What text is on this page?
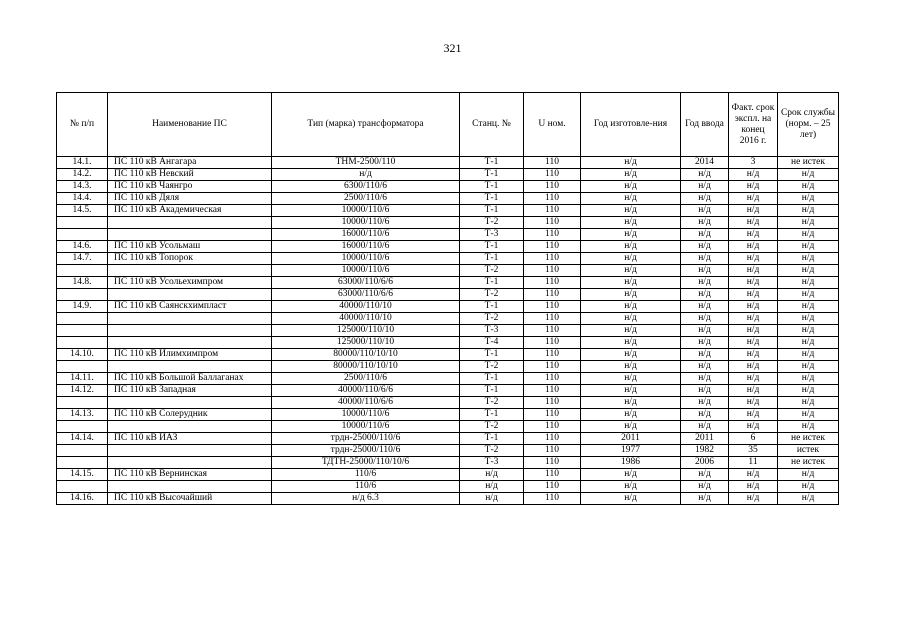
321
№ п/п	Наименование ПС	Тип (марка) трансформатора	Станц. №	U ном.	Год изготовле-ния	Год ввода	Факт. срок экспл. на конец 2016 г.	Срок службы (норм. – 25 лет)
14.1.	ПС 110 кВ Ангагара	ТНМ-2500/110	Т-1	110	н/д	2014	3	не истек
14.2.	ПС 110 кВ Невский	н/д	Т-1	110	н/д	н/д	н/д	н/д
14.3.	ПС 110 кВ Чаянгро	6300/110/6	Т-1	110	н/д	н/д	н/д	н/д
14.4.	ПС 110 кВ Дяля	2500/110/6	Т-1	110	н/д	н/д	н/д	н/д
14.5.	ПС 110 кВ Академическая	10000/110/6	Т-1	110	н/д	н/д	н/д	н/д
		10000/110/6	Т-2	110	н/д	н/д	н/д	н/д
		16000/110/6	Т-3	110	н/д	н/д	н/д	н/д
14.6.	ПС 110 кВ Усольмаш	16000/110/6	Т-1	110	н/д	н/д	н/д	н/д
14.7.	ПС 110 кВ Топорок	10000/110/6	Т-1	110	н/д	н/д	н/д	н/д
		10000/110/6	Т-2	110	н/д	н/д	н/д	н/д
14.8.	ПС 110 кВ Усольехимпром	63000/110/6/6	Т-1	110	н/д	н/д	н/д	н/д
		63000/110/6/6	Т-2	110	н/д	н/д	н/д	н/д
14.9.	ПС 110 кВ Саянскхимпласт	40000/110/10	Т-1	110	н/д	н/д	н/д	н/д
		40000/110/10	Т-2	110	н/д	н/д	н/д	н/д
		125000/110/10	Т-3	110	н/д	н/д	н/д	н/д
		125000/110/10	Т-4	110	н/д	н/д	н/д	н/д
14.10.	ПС 110 кВ Илимхимпром	80000/110/10/10	Т-1	110	н/д	н/д	н/д	н/д
		80000/110/10/10	Т-2	110	н/д	н/д	н/д	н/д
14.11.	ПС 110 кВ Большой Баллаганах	2500/110/6	Т-1	110	н/д	н/д	н/д	н/д
14.12.	ПС 110 кВ Западная	40000/110/6/6	Т-1	110	н/д	н/д	н/д	н/д
		40000/110/6/6	Т-2	110	н/д	н/д	н/д	н/д
14.13.	ПС 110 кВ Солерудник	10000/110/6	Т-1	110	н/д	н/д	н/д	н/д
		10000/110/6	Т-2	110	н/д	н/д	н/д	н/д
14.14.	ПС 110 кВ ИАЗ	трдн-25000/110/6	Т-1	110	2011	2011	6	не истек
		трдн-25000/110/6	Т-2	110	1977	1982	35	истек
		ТДТН-25000/110/10/6	Т-3	110	1986	2006	11	не истек
14.15.	ПС 110 кВ Вернинская	110/6	н/д	110	н/д	н/д	н/д	н/д
		110/6	н/д	110	н/д	н/д	н/д	н/д
14.16.	ПС 110 кВ Высочайший	н/д 6.3	н/д	110	н/д	н/д	н/д	н/д
